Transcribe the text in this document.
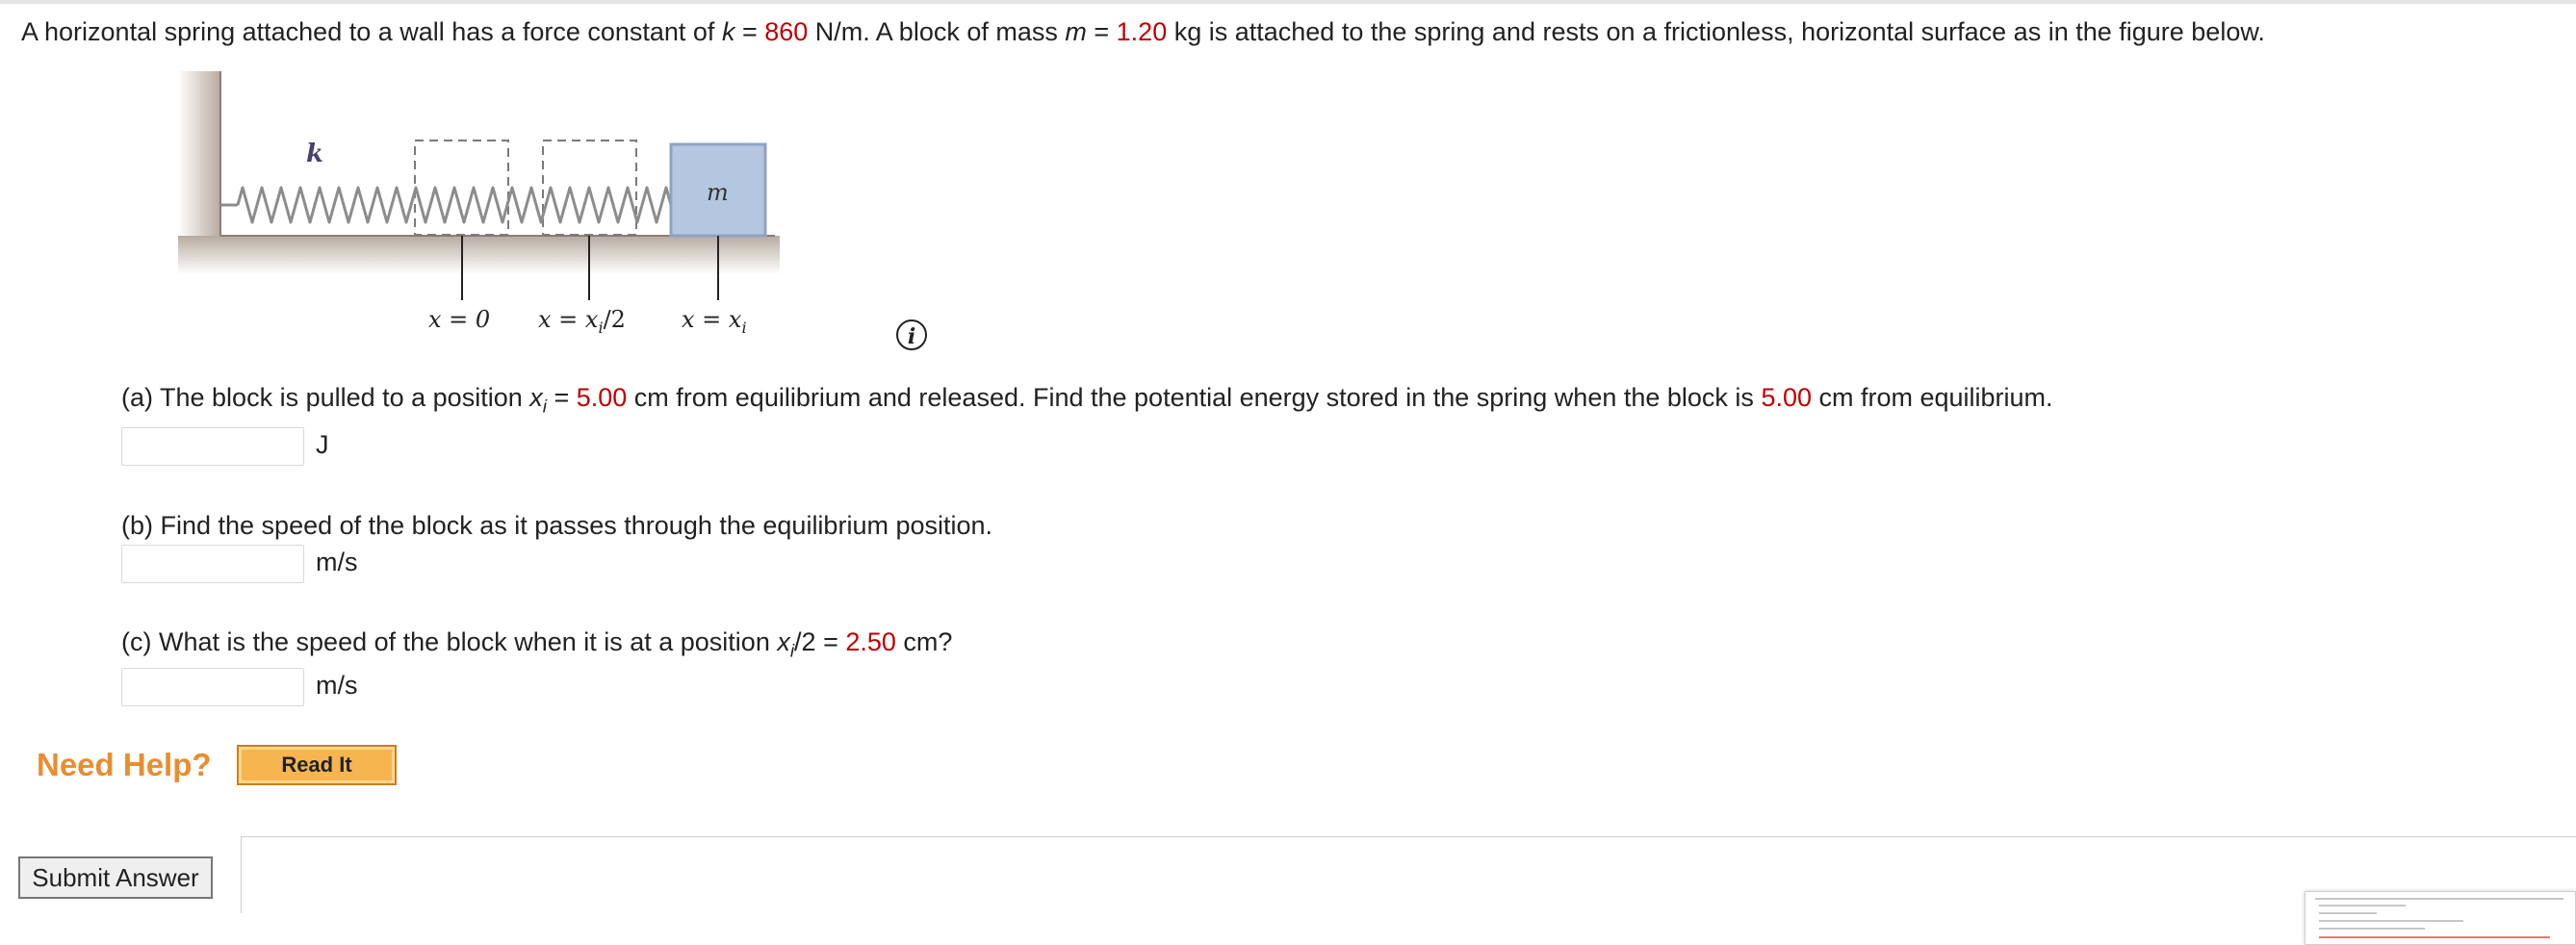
A horizontal spring attached to a wall has a force constant of k = 860 N/m. A block of mass m = 1.20 kg is attached to the spring and rests on a frictionless, horizontal surface as in the figure below.
k
m
x = 0 $x = x_i/2$ $x = x_i$	i
(a) The block is pulled to a position $x_i = 5.00$ cm from equilibrium and released. Find the potential energy stored in the spring when the block is 5.00 cm from equilibrium.
J
(b) Find the speed of the block as it passes through the equilibrium position.
m/s
(c) What is the speed of the block when it is at a position $x_i/2 = 2.50$ cm?
m/s
Need Help?	Read It
Submit Answer
